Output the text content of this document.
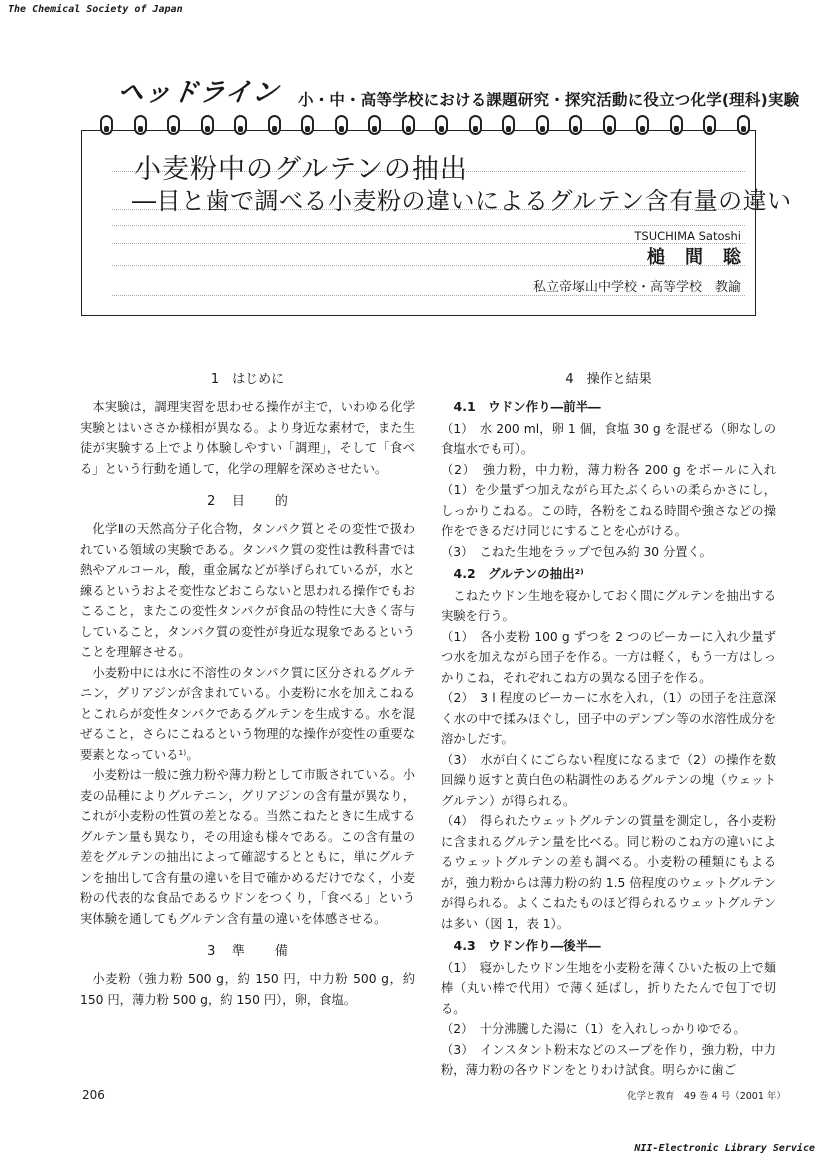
The Chemical Society of Japan
ヘッドライン 小・中・高等学校における課題研究・探究活動に役立つ化学(理科)実験
小麦粉中のグルテンの抽出
―目と歯で調べる小麦粉の違いによるグルテン含有量の違い
TSUCHIMA Satoshi
槌間聡
私立帝塚山中学校・高等学校　教諭
1　はじめに

本実験は，調理実習を思わせる操作が主で，いわゆる化学実験とはいささか様相が異なる。より身近な素材で，また生徒が実験する上でより体験しやすい「調理」，そして「食べる」という行動を通して，化学の理解を深めさせたい。

2 目的

化学Ⅱの天然高分子化合物，タンパク質とその変性で扱われている領域の実験である。タンパク質の変性は教科書では熱やアルコール，酸，重金属などが挙げられているが，水と練るというおよそ変性などおこらないと思われる操作でもおこること，またこの変性タンパクが食品の特性に大きく寄与していること，タンパク質の変性が身近な現象であるということを理解させる。

小麦粉中には水に不溶性のタンパク質に区分されるグルテニン，グリアジンが含まれている。小麦粉に水を加えこねるとこれらが変性タンパクであるグルテンを生成する。水を混ぜること，さらにこねるという物理的な操作が変性の重要な要素となっている¹⁾。

小麦粉は一般に強力粉や薄力粉として市販されている。小麦の品種によりグルテニン，グリアジンの含有量が異なり，これが小麦粉の性質の差となる。当然こねたときに生成するグルテン量も異なり，その用途も様々である。この含有量の差をグルテンの抽出によって確認するとともに，単にグルテンを抽出して含有量の違いを目で確かめるだけでなく，小麦粉の代表的な食品であるウドンをつくり，「食べる」という実体験を通してもグルテン含有量の違いを体感させる。

3 準備

小麦粉（強力粉 500 g，約 150 円，中力粉 500 g，約 150 円，薄力粉 500 g，約 150 円），卵，食塩。

4　操作と結果
4.1　ウドン作り―前半―

（1）　水 200 ml，卵 1 個，食塩 30 g を混ぜる（卵なしの食塩水でも可）。

（2）　強力粉，中力粉，薄力粉各 200 g をボールに入れ（1）を少量ずつ加えながら耳たぶくらいの柔らかさにし，しっかりこねる。この時，各粉をこねる時間や強さなどの操作をできるだけ同じにすることを心がける。

（3）　こねた生地をラップで包み約 30 分置く。

4.2　グルテンの抽出²⁾

こねたウドン生地を寝かしておく間にグルテンを抽出する実験を行う。

（1）　各小麦粉 100 g ずつを 2 つのビーカーに入れ少量ずつ水を加えながら団子を作る。一方は軽く，もう一方はしっかりこね，それぞれこね方の異なる団子を作る。

（2）　3 l 程度のビーカーに水を入れ，（1）の団子を注意深く水の中で揉みほぐし，団子中のデンプン等の水溶性成分を溶かしだす。

（3）　水が白くにごらない程度になるまで（2）の操作を数回繰り返すと黄白色の粘調性のあるグルテンの塊（ウェットグルテン）が得られる。

（4）　得られたウェットグルテンの質量を測定し，各小麦粉に含まれるグルテン量を比べる。同じ粉のこね方の違いによるウェットグルテンの差も調べる。小麦粉の種類にもよるが，強力粉からは薄力粉の約 1.5 倍程度のウェットグルテンが得られる。よくこねたものほど得られるウェットグルテンは多い（図 1，表 1）。

4.3　ウドン作り―後半―

（1）　寝かしたウドン生地を小麦粉を薄くひいた板の上で麺棒（丸い棒で代用）で薄く延ばし，折りたたんで包丁で切る。

（2）　十分沸騰した湯に（1）を入れしっかりゆでる。

（3）　インスタント粉末などのスープを作り，強力粉，中力粉，薄力粉の各ウドンをとりわけ試食。明らかに歯ご

206	化学と教育　49 巻 4 号（2001 年）
NII-Electronic Library Service
